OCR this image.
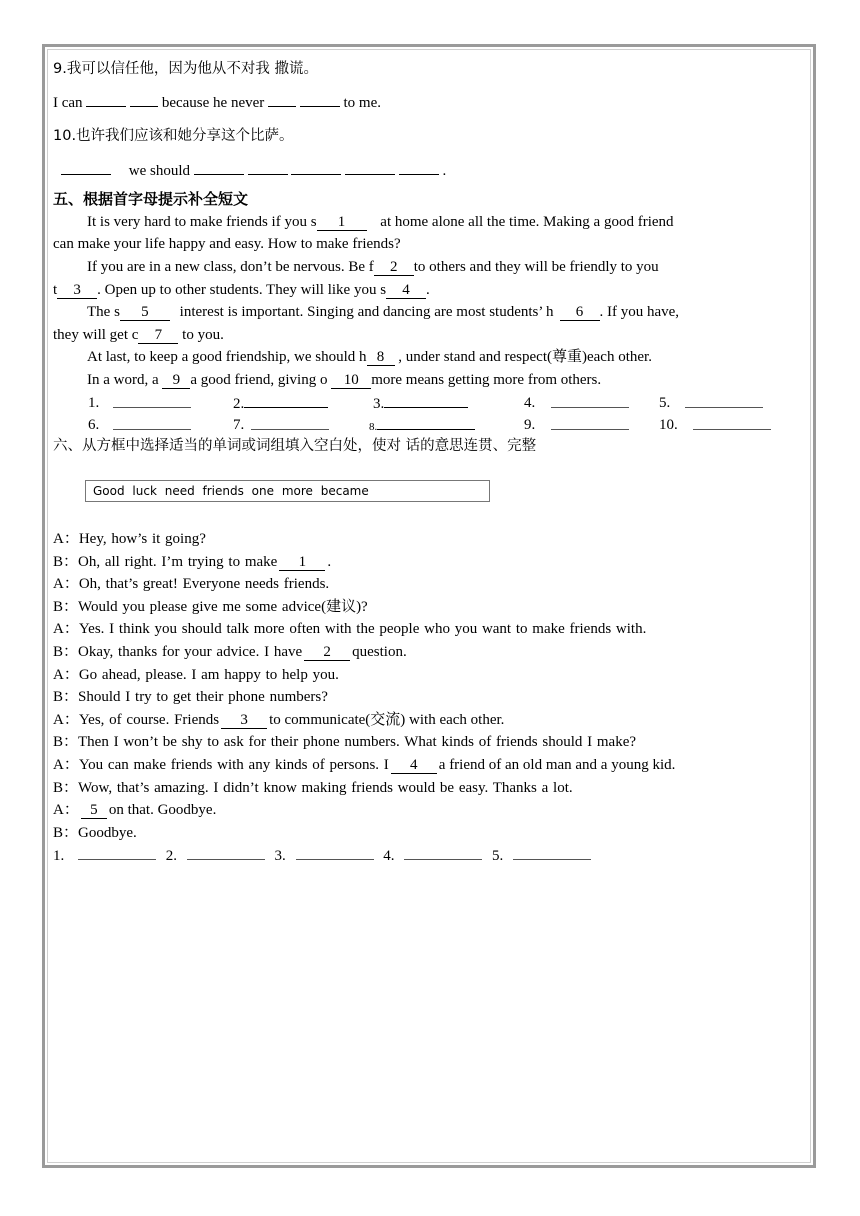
9.我可以信任他，因为他从不对我 撒谎。
I can	because he never	to me.
10.也许我们应该和她分享这个比萨。
we should	.
五、根据首字母提示补全短文
It is very hard to make friends if you s 1 at home alone all the time. Making a good friend
can make your life happy and easy. How to make friends?
If you are in a new class, don’t be nervous. Be f 2 to others and they will be friendly to you
t 3 . Open up to other students. They will like you s 4 .
The s 5 interest is important. Singing and dancing are most students’ h 6 . If you have,
they will get c 7 to you.
At last, to keep a good friendship, we should h 8 , under stand and respect(尊重)each other.
In a word, a 9 a good friend, giving o 10 more means getting more from others.
1.	2.	3.	4.	5.
6.	7.	8.	9.	10.
六、从方框中选择适当的单词或词组填入空白处，使对 话的意思连贯、完整
Good luck need friends one more became
A：Hey, how’s it going?
B：Oh, all right. I’m trying to make 1 .
A：Oh, that’s great! Everyone needs friends.
B：Would you please give me some advice(建议)?
A：Yes. I think you should talk more often with the people who you want to make friends with.
B：Okay, thanks for your advice. I have 2 question.
A：Go ahead, please. I am happy to help you.
B：Should I try to get their phone numbers?
A：Yes, of course. Friends 3 to communicate(交流) with each other.
B：Then I won’t be shy to ask for their phone numbers. What kinds of friends should I make?
A：You can make friends with any kinds of persons. I 4 a friend of an old man and a young kid.
B：Wow, that’s amazing. I didn’t know making friends would be easy. Thanks a lot.
A： 5 on that. Goodbye.
B：Goodbye.
1.	2.	3.	4.	5.
